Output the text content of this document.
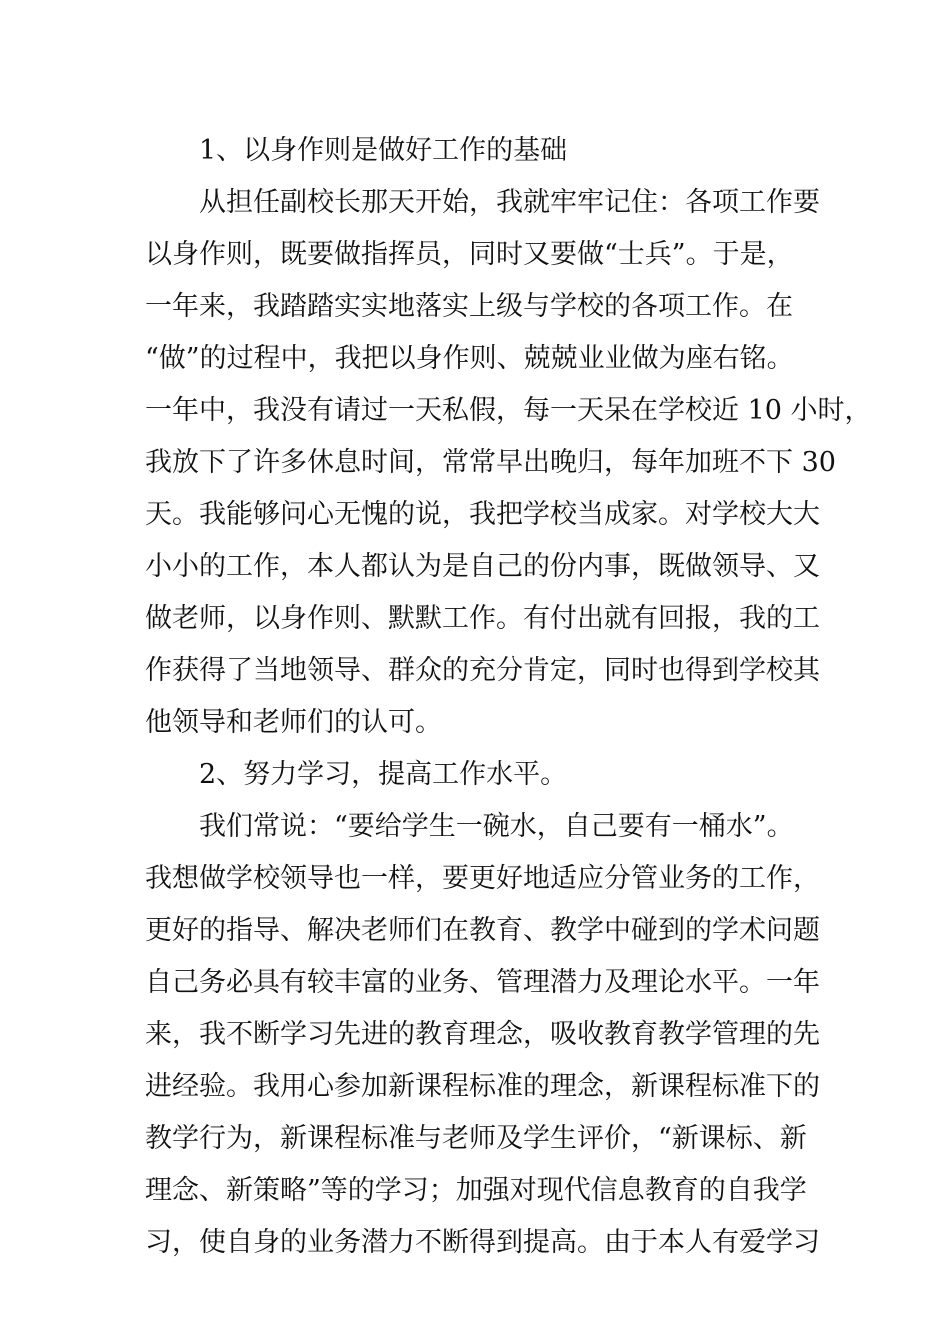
1、以身作则是做好工作的基础
从担任副校长那天开始，我就牢牢记住：各项工作要
以身作则，既要做指挥员，同时又要做“士兵”。于是，
一年来，我踏踏实实地落实上级与学校的各项工作。在
“做”的过程中，我把以身作则、兢兢业业做为座右铭。
一年中，我没有请过一天私假，每一天呆在学校近 10 小时，
我放下了许多休息时间，常常早出晚归，每年加班不下 30
天。我能够问心无愧的说，我把学校当成家。对学校大大
小小的工作，本人都认为是自己的份内事，既做领导、又
做老师，以身作则、默默工作。有付出就有回报，我的工
作获得了当地领导、群众的充分肯定，同时也得到学校其
他领导和老师们的认可。
2、努力学习，提高工作水平。
我们常说：“要给学生一碗水，自己要有一桶水”。
我想做学校领导也一样，要更好地适应分管业务的工作，
更好的指导、解决老师们在教育、教学中碰到的学术问题
自己务必具有较丰富的业务、管理潜力及理论水平。一年
来，我不断学习先进的教育理念，吸收教育教学管理的先
进经验。我用心参加新课程标准的理念，新课程标准下的
教学行为，新课程标准与老师及学生评价，“新课标、新
理念、新策略”等的学习；加强对现代信息教育的自我学
习，使自身的业务潜力不断得到提高。由于本人有爱学习
